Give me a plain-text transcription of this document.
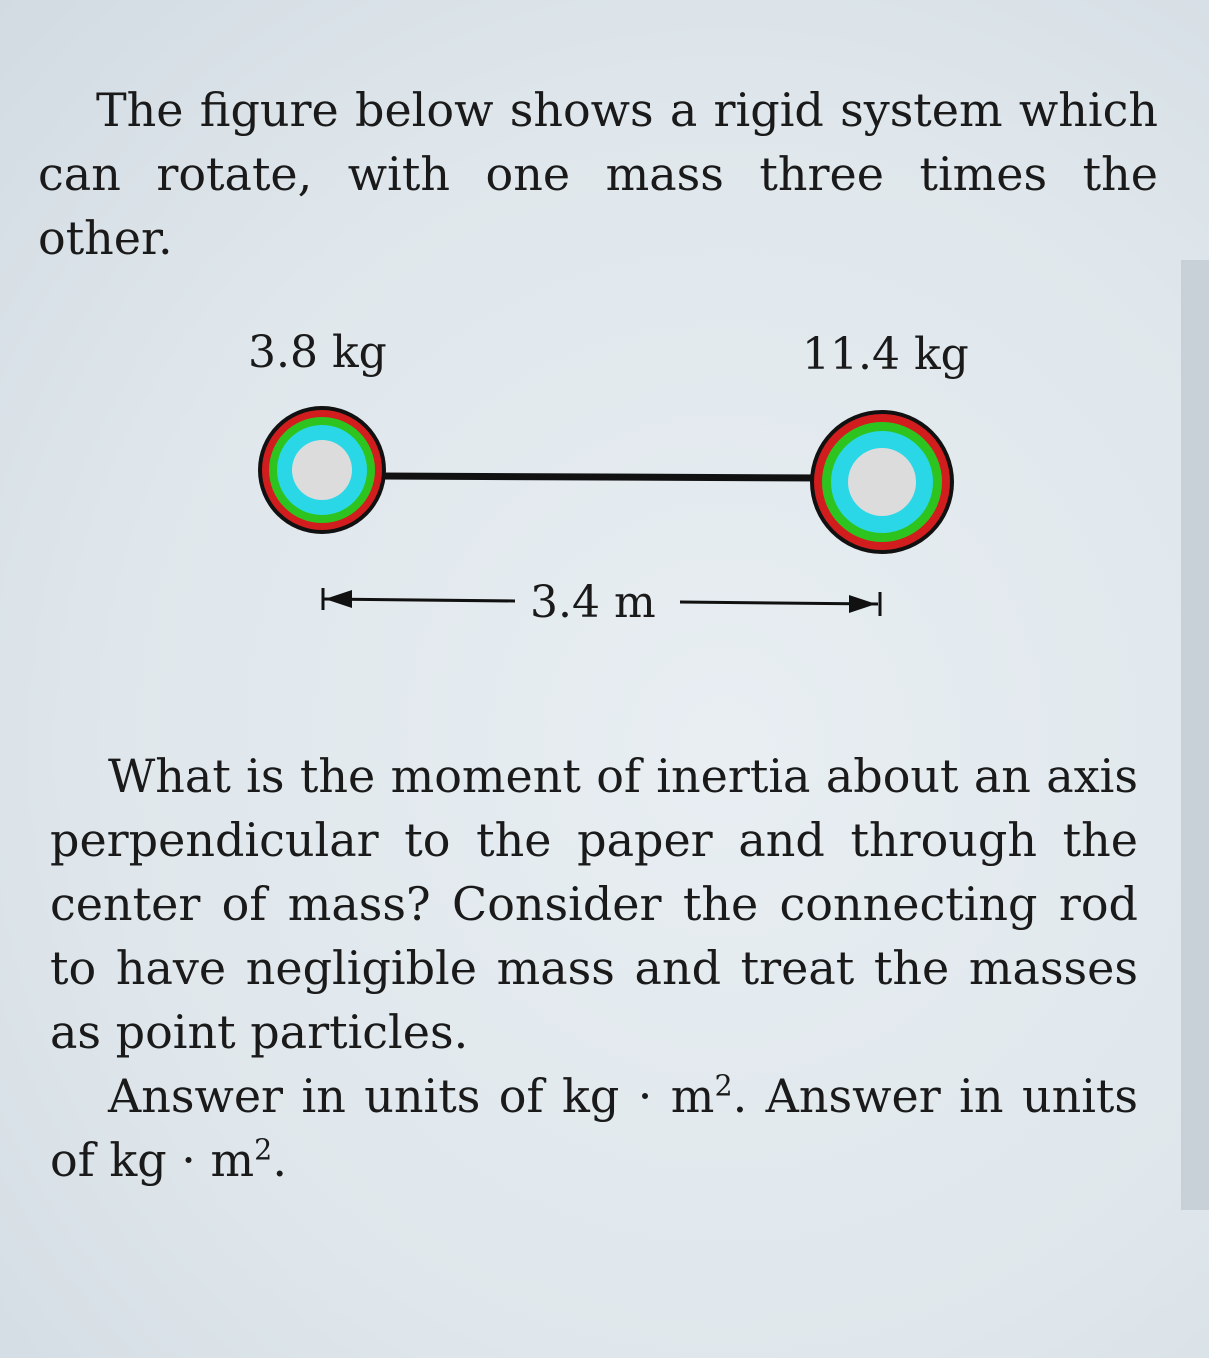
The figure below shows a rigid system which can rotate, with one mass three times the other.
3.8 kg	11.4 kg
3.4 m
What is the moment of inertia about an axis perpendicular to the paper and through the center of mass? Consider the connecting rod to have negligible mass and treat the masses as point particles.
Answer in units of kg · $m^2$. Answer in units of kg · $m^2$.
